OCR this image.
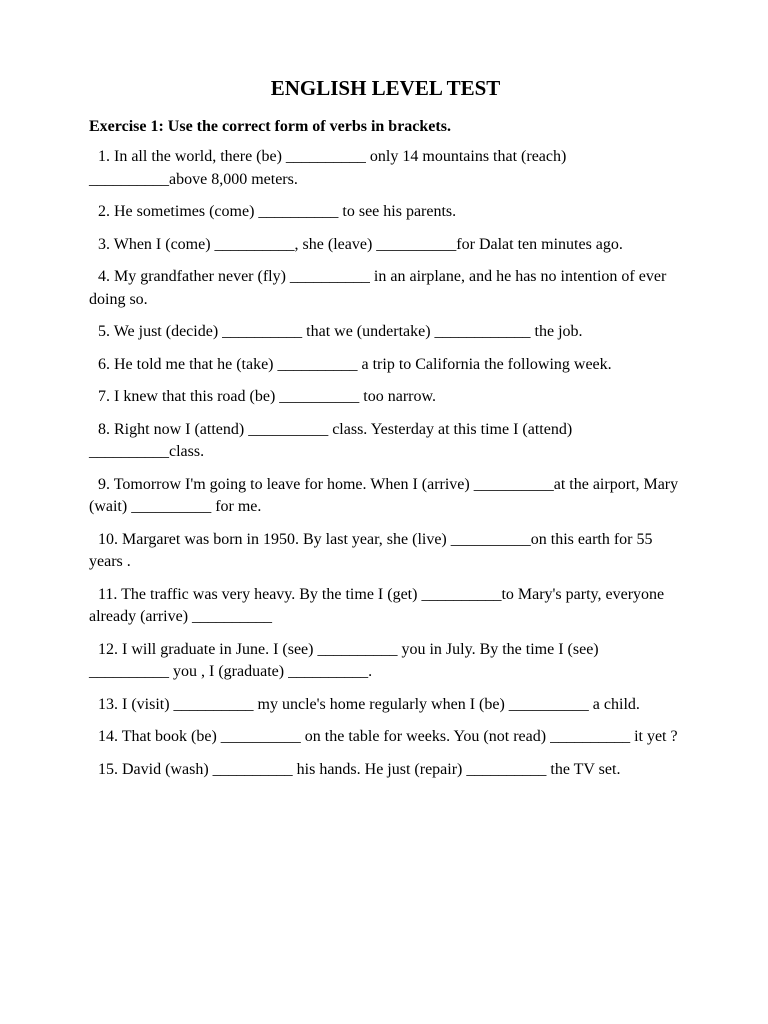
ENGLISH LEVEL TEST

Exercise 1: Use the correct form of verbs in brackets.

1. In all the world, there (be) __________ only 14 mountains that (reach) __________above 8,000 meters.
2. He sometimes (come) __________ to see his parents.
3. When I (come) __________, she (leave) __________for Dalat ten minutes ago.
4. My grandfather never (fly) __________ in an airplane, and he has no intention of ever doing so.
5. We just (decide) __________ that we (undertake) ____________ the job.
6. He told me that he (take) __________ a trip to California the following week.
7. I knew that this road (be) __________ too narrow.
8. Right now I (attend) __________ class. Yesterday at this time I (attend) __________class.
9. Tomorrow I'm going to leave for home. When I (arrive) __________at the airport, Mary (wait) __________ for me.
10. Margaret was born in 1950. By last year, she (live) __________on this earth for 55 years .
11. The traffic was very heavy. By the time I (get) __________to Mary's party, everyone already (arrive) __________
12. I will graduate in June. I (see) __________ you in July. By the time I (see) __________ you , I (graduate) __________.
13. I (visit) __________ my uncle's home regularly when I (be) __________ a child.
14. That book (be) __________ on the table for weeks. You (not read) __________ it yet ?
15. David (wash) __________ his hands. He just (repair) __________ the TV set.
